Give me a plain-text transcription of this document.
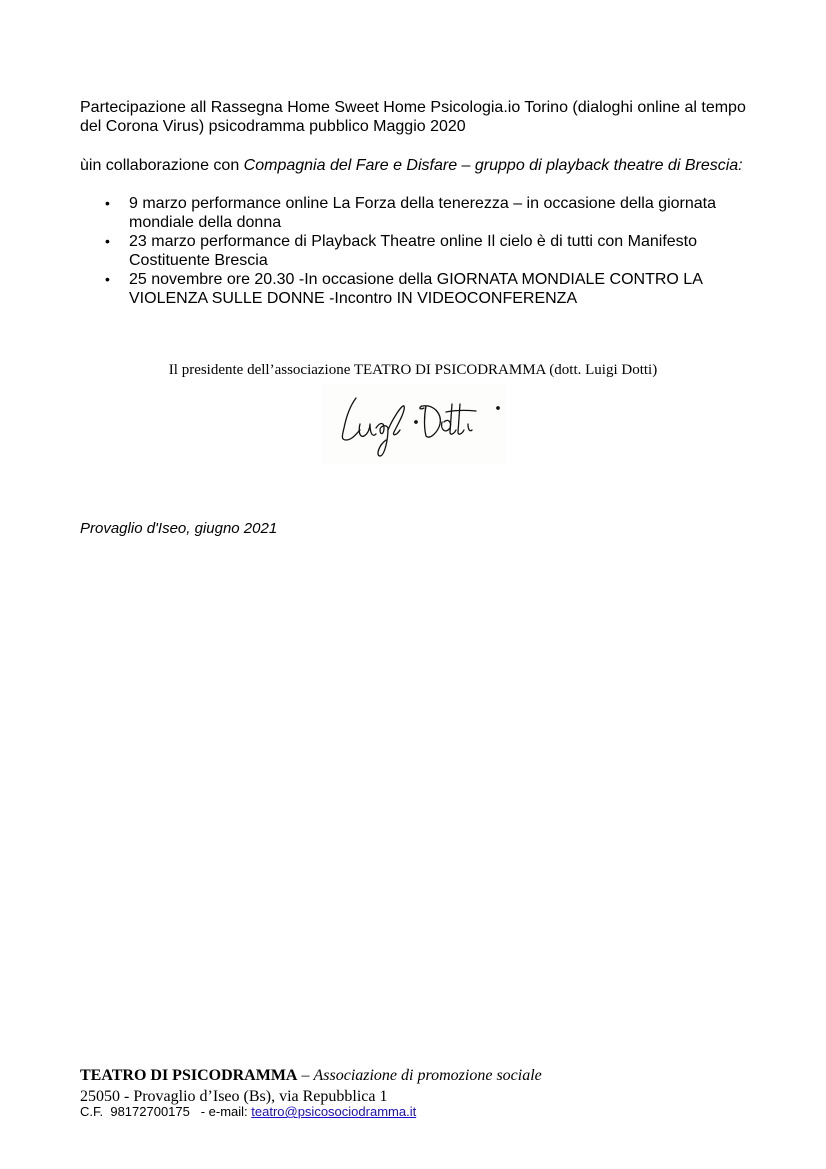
Partecipazione all Rassegna Home Sweet Home Psicologia.io Torino (dialoghi online al tempo del Corona Virus) psicodramma pubblico Maggio 2020
ùin collaborazione con Compagnia del Fare e Disfare – gruppo di playback theatre di Brescia:
• 9 marzo performance online La Forza della tenerezza – in occasione della giornata mondiale della donna
• 23 marzo performance di Playback Theatre online Il cielo è di tutti con Manifesto Costituente Brescia
• 25 novembre ore 20.30 -In occasione della GIORNATA MONDIALE CONTRO LA VIOLENZA SULLE DONNE -Incontro IN VIDEOCONFERENZA
Il presidente dell’associazione TEATRO DI PSICODRAMMA (dott. Luigi Dotti)
Provaglio d'Iseo, giugno 2021
TEATRO DI PSICODRAMMA – Associazione di promozione sociale
25050 - Provaglio d’Iseo (Bs), via Repubblica 1
C.F.  98172700175   - e-mail: teatro@psicosociodramma.it
